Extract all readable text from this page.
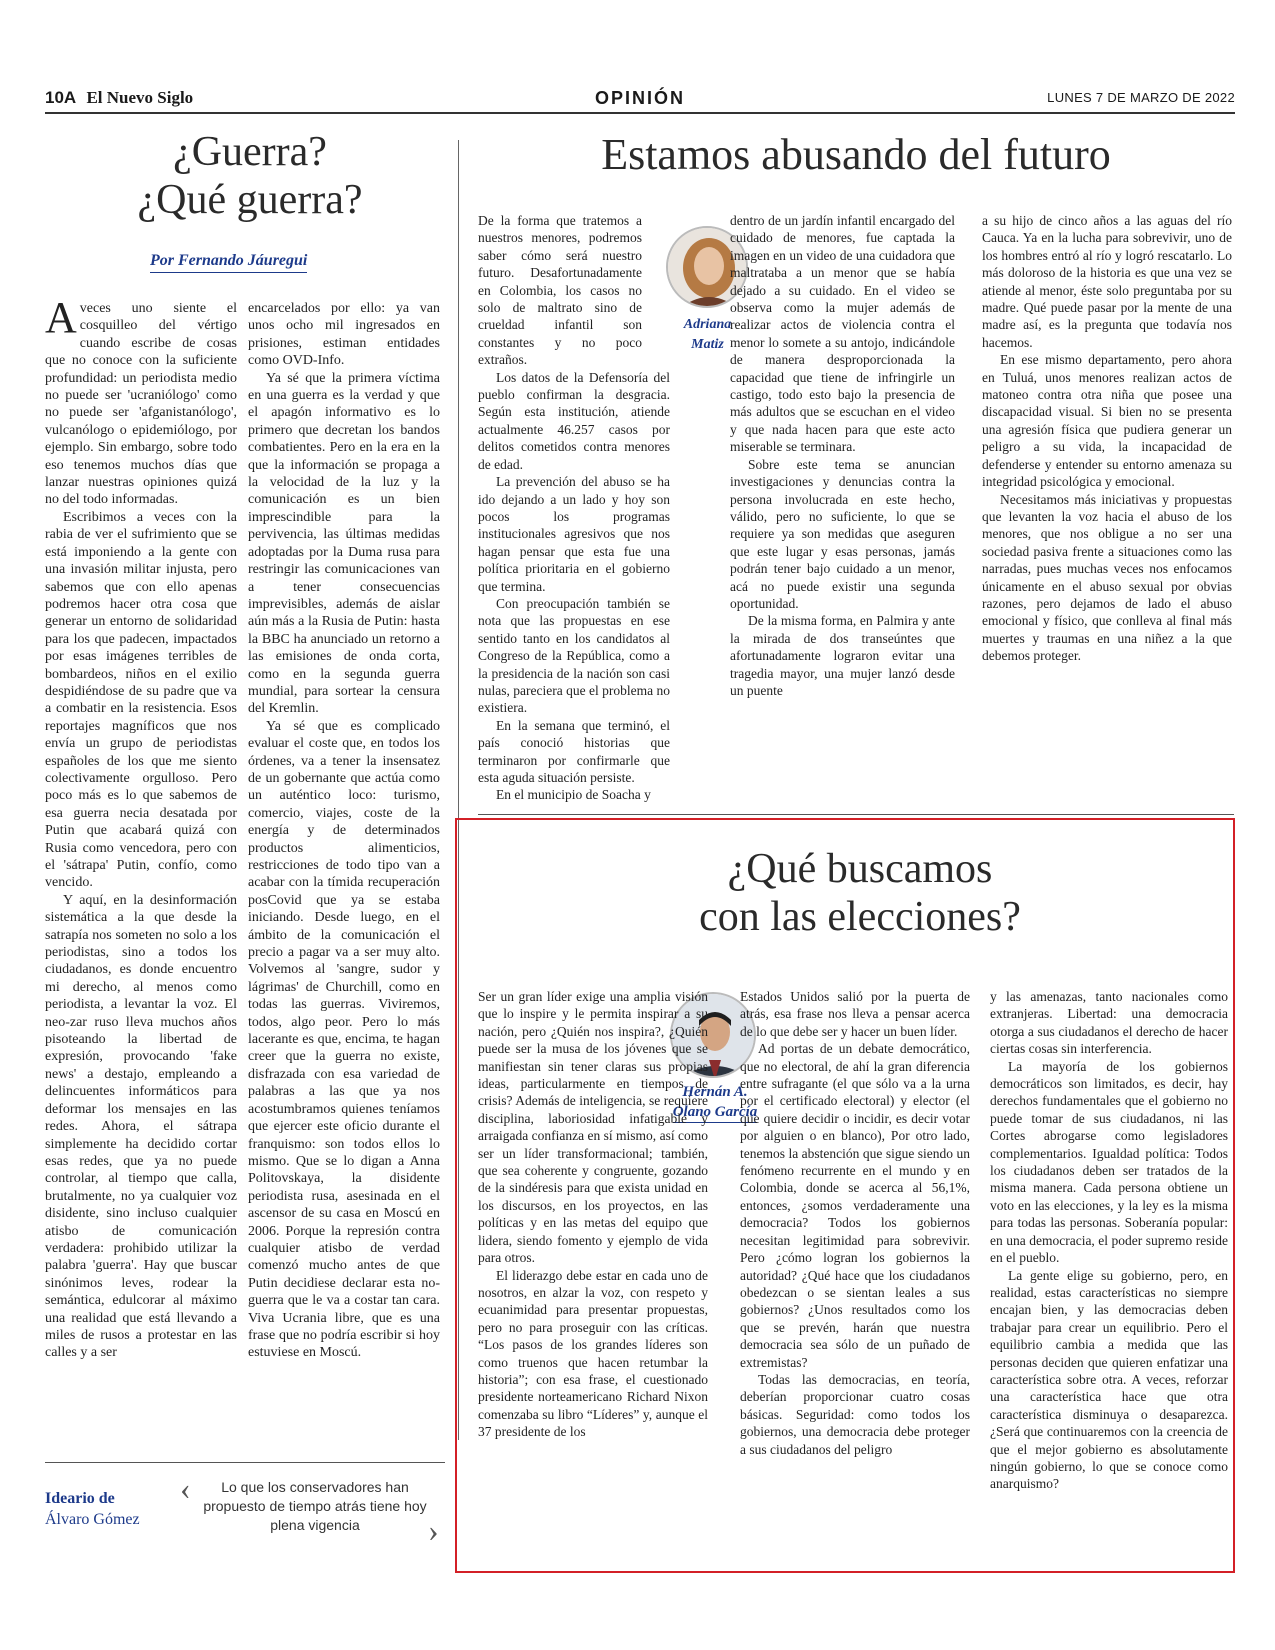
10A El Nuevo Siglo	OPINIÓN	LUNES 7 DE MARZO DE 2022
¿Guerra?
¿Qué guerra?
Por Fernando Jáuregui

A veces uno siente el cosquilleo del vértigo cuando escribe de cosas que no conoce con la suficiente profundidad: un periodista medio no puede ser 'ucraniólogo' como no puede ser 'afganistanólogo', vulcanólogo o epidemiólogo, por ejemplo. Sin embargo, sobre todo eso tenemos muchos días que lanzar nuestras opiniones quizá no del todo informadas.

Escribimos a veces con la rabia de ver el sufrimiento que se está imponiendo a la gente con una invasión militar injusta, pero sabemos que con ello apenas podremos hacer otra cosa que generar un entorno de solidaridad para los que padecen, impactados por esas imágenes terribles de bombardeos, niños en el exilio despidiéndose de su padre que va a combatir en la resistencia. Esos reportajes magníficos que nos envía un grupo de periodistas españoles de los que me siento colectivamente orgulloso. Pero poco más es lo que sabemos de esa guerra necia desatada por Putin que acabará quizá con Rusia como vencedora, pero con el 'sátrapa' Putin, confío, como vencido.

Y aquí, en la desinformación sistemática a la que desde la satrapía nos someten no solo a los periodistas, sino a todos los ciudadanos, es donde encuentro mi derecho, al menos como periodista, a levantar la voz. El neo-zar ruso lleva muchos años pisoteando la libertad de expresión, provocando 'fake news' a destajo, empleando a delincuentes informáticos para deformar los mensajes en las redes. Ahora, el sátrapa simplemente ha decidido cortar esas redes, que ya no puede controlar, al tiempo que calla, brutalmente, no ya cualquier voz disidente, sino incluso cualquier atisbo de comunicación verdadera: prohibido utilizar la palabra 'guerra'. Hay que buscar sinónimos leves, rodear la semántica, edulcorar al máximo una realidad que está llevando a miles de rusos a protestar en las calles y a ser

encarcelados por ello: ya van unos ocho mil ingresados en prisiones, estiman entidades como OVD-Info.

Ya sé que la primera víctima en una guerra es la verdad y que el apagón informativo es lo primero que decretan los bandos combatientes. Pero en la era en la que la información se propaga a la velocidad de la luz y la comunicación es un bien imprescindible para la pervivencia, las últimas medidas adoptadas por la Duma rusa para restringir las comunicaciones van a tener consecuencias imprevisibles, además de aislar aún más a la Rusia de Putin: hasta la BBC ha anunciado un retorno a las emisiones de onda corta, como en la segunda guerra mundial, para sortear la censura del Kremlin.

Ya sé que es complicado evaluar el coste que, en todos los órdenes, va a tener la insensatez de un gobernante que actúa como un auténtico loco: turismo, comercio, viajes, coste de la energía y de determinados productos alimenticios, restricciones de todo tipo van a acabar con la tímida recuperación posCovid que ya se estaba iniciando. Desde luego, en el ámbito de la comunicación el precio a pagar va a ser muy alto. Volvemos al 'sangre, sudor y lágrimas' de Churchill, como en todas las guerras. Viviremos, todos, algo peor. Pero lo más lacerante es que, encima, te hagan creer que la guerra no existe, disfrazada con esa variedad de palabras a las que ya nos acostumbramos quienes teníamos que ejercer este oficio durante el franquismo: son todos ellos lo mismo. Que se lo digan a Anna Politovskaya, la disidente periodista rusa, asesinada en el ascensor de su casa en Moscú en 2006. Porque la represión contra cualquier atisbo de verdad comenzó mucho antes de que Putin decidiese declarar esta no-guerra que le va a costar tan cara. Viva Ucrania libre, que es una frase que no podría escribir si hoy estuviese en Moscú.

Estamos abusando del futuro
Adriana
Matiz

De la forma que tratemos a nuestros menores, podremos saber cómo será nuestro futuro. Desafortunadamente en Colombia, los casos no solo de maltrato sino de crueldad infantil son constantes y no poco extraños.

Los datos de la Defensoría del pueblo confirman la desgracia. Según esta institución, atiende actualmente 46.257 casos por delitos cometidos contra menores de edad.

La prevención del abuso se ha ido dejando a un lado y hoy son pocos los programas institucionales agresivos que nos hagan pensar que esta fue una política prioritaria en el gobierno que termina.

Con preocupación también se nota que las propuestas en ese sentido tanto en los candidatos al Congreso de la República, como a la presidencia de la nación son casi nulas, pareciera que el problema no existiera.

En la semana que terminó, el país conoció historias que terminaron por confirmarle que esta aguda situación persiste.

En el municipio de Soacha y

dentro de un jardín infantil encargado del cuidado de menores, fue captada la imagen en un video de una cuidadora que maltrataba a un menor que se había dejado a su cuidado. En el video se observa como la mujer además de realizar actos de violencia contra el menor lo somete a su antojo, indicándole de manera desproporcionada la capacidad que tiene de infringirle un castigo, todo esto bajo la presencia de más adultos que se escuchan en el video y que nada hacen para que este acto miserable se terminara.

Sobre este tema se anuncian investigaciones y denuncias contra la persona involucrada en este hecho, válido, pero no suficiente, lo que se requiere ya son medidas que aseguren que este lugar y esas personas, jamás podrán tener bajo cuidado a un menor, acá no puede existir una segunda oportunidad.

De la misma forma, en Palmira y ante la mirada de dos transeúntes que afortunadamente lograron evitar una tragedia mayor, una mujer lanzó desde un puente

a su hijo de cinco años a las aguas del río Cauca. Ya en la lucha para sobrevivir, uno de los hombres entró al río y logró rescatarlo. Lo más doloroso de la historia es que una vez se atiende al menor, éste solo preguntaba por su madre. Qué puede pasar por la mente de una madre así, es la pregunta que todavía nos hacemos.

En ese mismo departamento, pero ahora en Tuluá, unos menores realizan actos de matoneo contra otra niña que posee una discapacidad visual. Si bien no se presenta una agresión física que pudiera generar un peligro a su vida, la incapacidad de defenderse y entender su entorno amenaza su integridad psicológica y emocional.

Necesitamos más iniciativas y propuestas que levanten la voz hacia el abuso de los menores, que nos obligue a no ser una sociedad pasiva frente a situaciones como las narradas, pues muchas veces nos enfocamos únicamente en el abuso sexual por obvias razones, pero dejamos de lado el abuso emocional y físico, que conlleva al final más muertes y traumas en una niñez a la que debemos proteger.

¿Qué buscamos
con las elecciones?
Hernán A.
Olano García

Ser un gran líder exige una amplia visión que lo inspire y le permita inspirar a su nación, pero ¿Quién nos inspira?, ¿Quién puede ser la musa de los jóvenes que se manifiestan sin tener claras sus propias ideas, particularmente en tiempos de crisis? Además de inteligencia, se requiere disciplina, laboriosidad infatigable y arraigada confianza en sí mismo, así como ser un líder transformacional; también, que sea coherente y congruente, gozando de la sindéresis para que exista unidad en los discursos, en los proyectos, en las políticas y en las metas del equipo que lidera, siendo fomento y ejemplo de vida para otros.

El liderazgo debe estar en cada uno de nosotros, en alzar la voz, con respeto y ecuanimidad para presentar propuestas, pero no para proseguir con las críticas. “Los pasos de los grandes líderes son como truenos que hacen retumbar la historia”; con esa frase, el cuestionado presidente norteamericano Richard Nixon comenzaba su libro “Líderes” y, aunque el 37 presidente de los

Estados Unidos salió por la puerta de atrás, esa frase nos lleva a pensar acerca de lo que debe ser y hacer un buen líder.

Ad portas de un debate democrático, que no electoral, de ahí la gran diferencia entre sufragante (el que sólo va a la urna por el certificado electoral) y elector (el que quiere decidir o incidir, es decir votar por alguien o en blanco), Por otro lado, tenemos la abstención que sigue siendo un fenómeno recurrente en el mundo y en Colombia, donde se acerca al 56,1%, entonces, ¿somos verdaderamente una democracia? Todos los gobiernos necesitan legitimidad para sobrevivir. Pero ¿cómo logran los gobiernos la autoridad? ¿Qué hace que los ciudadanos obedezcan o se sientan leales a sus gobiernos? ¿Unos resultados como los que se prevén, harán que nuestra democracia sea sólo de un puñado de extremistas?

Todas las democracias, en teoría, deberían proporcionar cuatro cosas básicas. Seguridad: como todos los gobiernos, una democracia debe proteger a sus ciudadanos del peligro

y las amenazas, tanto nacionales como extranjeras. Libertad: una democracia otorga a sus ciudadanos el derecho de hacer ciertas cosas sin interferencia.

La mayoría de los gobiernos democráticos son limitados, es decir, hay derechos fundamentales que el gobierno no puede tomar de sus ciudadanos, ni las Cortes abrogarse como legisladores complementarios. Igualdad política: Todos los ciudadanos deben ser tratados de la misma manera. Cada persona obtiene un voto en las elecciones, y la ley es la misma para todas las personas. Soberanía popular: en una democracia, el poder supremo reside en el pueblo.

La gente elige su gobierno, pero, en realidad, estas características no siempre encajan bien, y las democracias deben trabajar para crear un equilibrio. Pero el equilibrio cambia a medida que las personas deciden que quieren enfatizar una característica sobre otra. A veces, reforzar una característica hace que otra característica disminuya o desaparezca. ¿Será que continuaremos con la creencia de que el mejor gobierno es absolutamente ningún gobierno, lo que se conoce como anarquismo?

Ideario de
Álvaro Gómez
‹	Lo que los conservadores han propuesto de tiempo atrás tiene hoy plena vigencia	›
